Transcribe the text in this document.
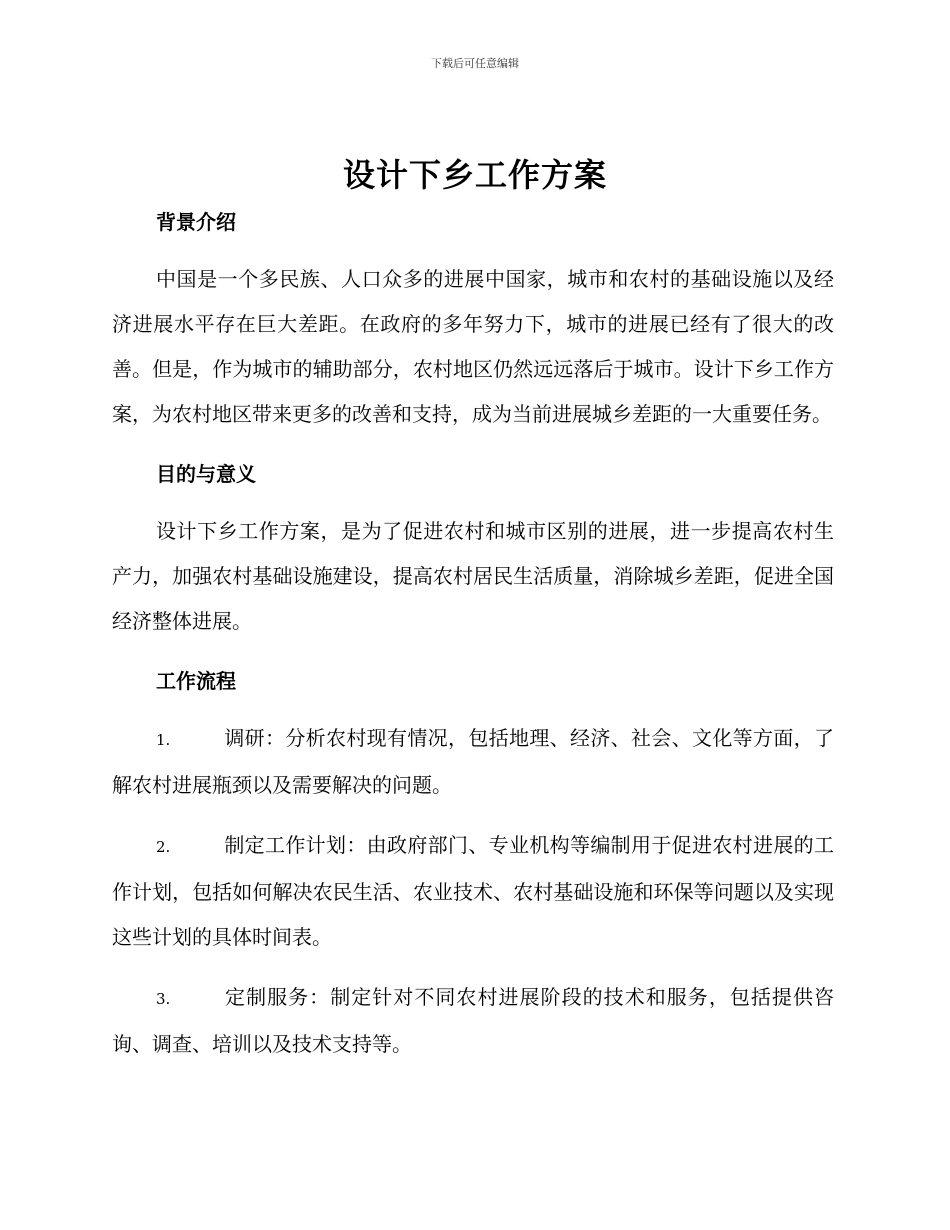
下载后可任意编辑
设计下乡工作方案
背景介绍

中国是一个多民族、人口众多的进展中国家，城市和农村的基础设施以及经济进展水平存在巨大差距。在政府的多年努力下，城市的进展已经有了很大的改善。但是，作为城市的辅助部分，农村地区仍然远远落后于城市。设计下乡工作方案，为农村地区带来更多的改善和支持，成为当前进展城乡差距的一大重要任务。

目的与意义

设计下乡工作方案，是为了促进农村和城市区别的进展，进一步提高农村生产力，加强农村基础设施建设，提高农村居民生活质量，消除城乡差距，促进全国经济整体进展。

工作流程

1.	调研：分析农村现有情况，包括地理、经济、社会、文化等方面，了解农村进展瓶颈以及需要解决的问题。

2.	制定工作计划：由政府部门、专业机构等编制用于促进农村进展的工作计划，包括如何解决农民生活、农业技术、农村基础设施和环保等问题以及实现这些计划的具体时间表。

3.	定制服务：制定针对不同农村进展阶段的技术和服务，包括提供咨询、调查、培训以及技术支持等。
